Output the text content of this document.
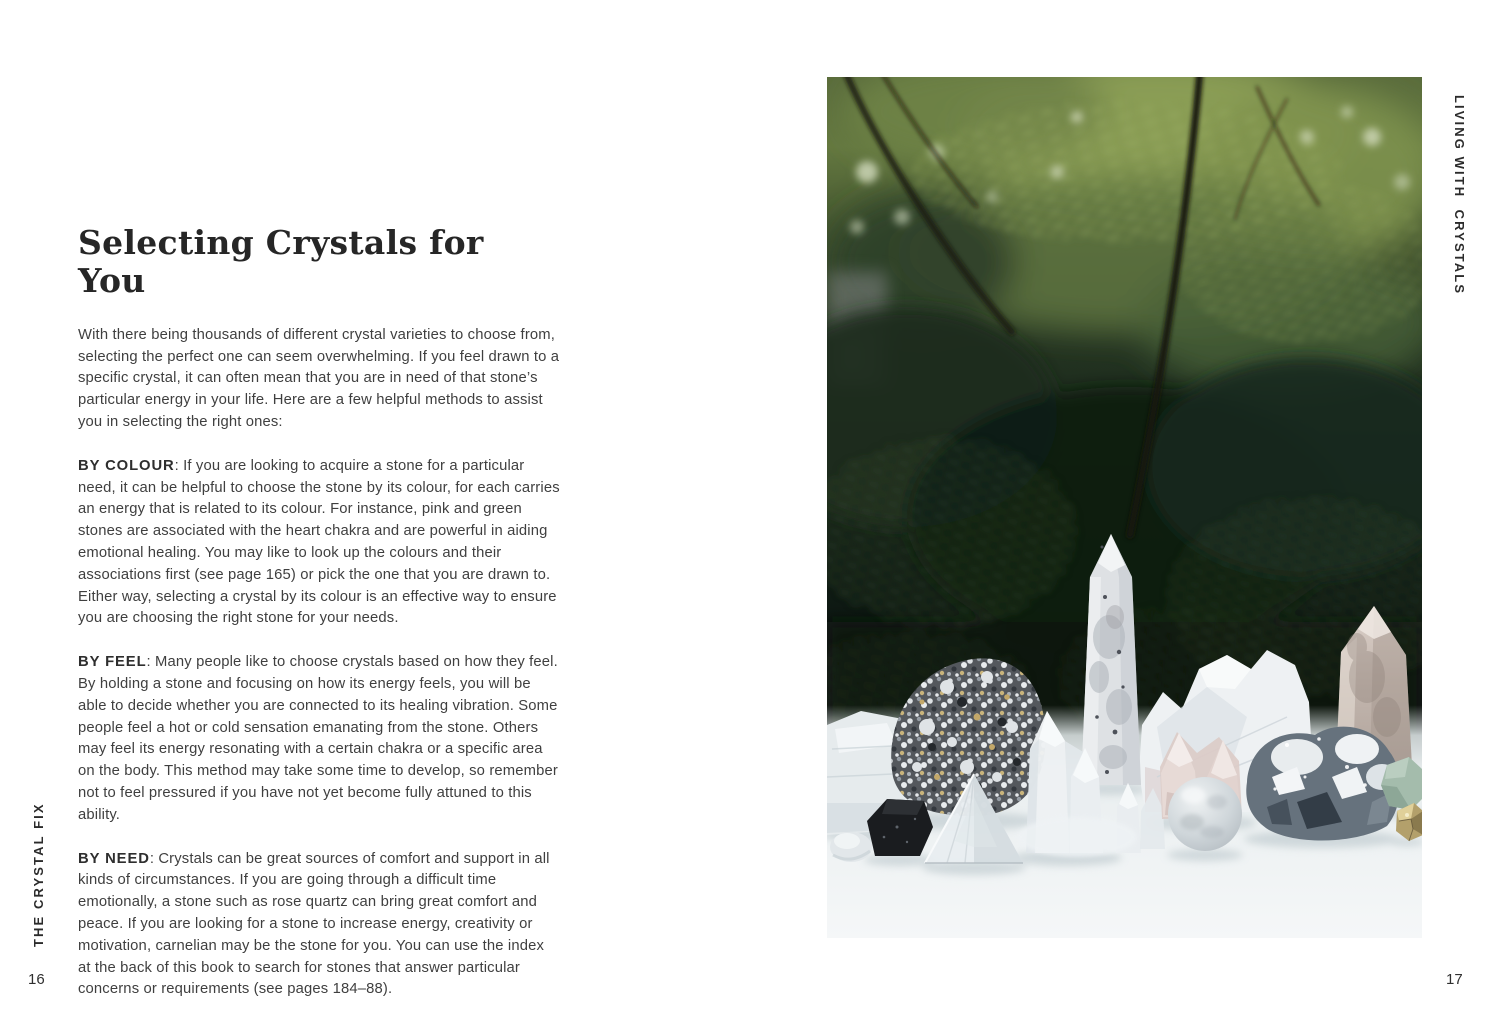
THE CRYSTAL FIX
Selecting Crystals for You

With there being thousands of different crystal varieties to choose from, selecting the perfect one can seem overwhelming. If you feel drawn to a specific crystal, it can often mean that you are in need of that stone’s particular energy in your life. Here are a few helpful methods to assist you in selecting the right ones:

BY COLOUR: If you are looking to acquire a stone for a particular need, it can be helpful to choose the stone by its colour, for each carries an energy that is related to its colour. For instance, pink and green stones are associated with the heart chakra and are powerful in aiding emotional healing. You may like to look up the colours and their associations first (see page 165) or pick the one that you are drawn to. Either way, selecting a crystal by its colour is an effective way to ensure you are choosing the right stone for your needs.

BY FEEL: Many people like to choose crystals based on how they feel. By holding a stone and focusing on how its energy feels, you will be able to decide whether you are connected to its healing vibration. Some people feel a hot or cold sensation emanating from the stone. Others may feel its energy resonating with a certain chakra or a specific area on the body. This method may take some time to develop, so remember not to feel pressured if you have not yet become fully attuned to this ability.

BY NEED: Crystals can be great sources of comfort and support in all kinds of circumstances. If you are going through a difficult time emotionally, a stone such as rose quartz can bring great comfort and peace. If you are looking for a stone to increase energy, creativity or motivation, carnelian may be the stone for you. You can use the index at the back of this book to search for stones that answer particular concerns or requirements (see pages 184–88).

16
LIVING WITH  CRYSTALS
17
